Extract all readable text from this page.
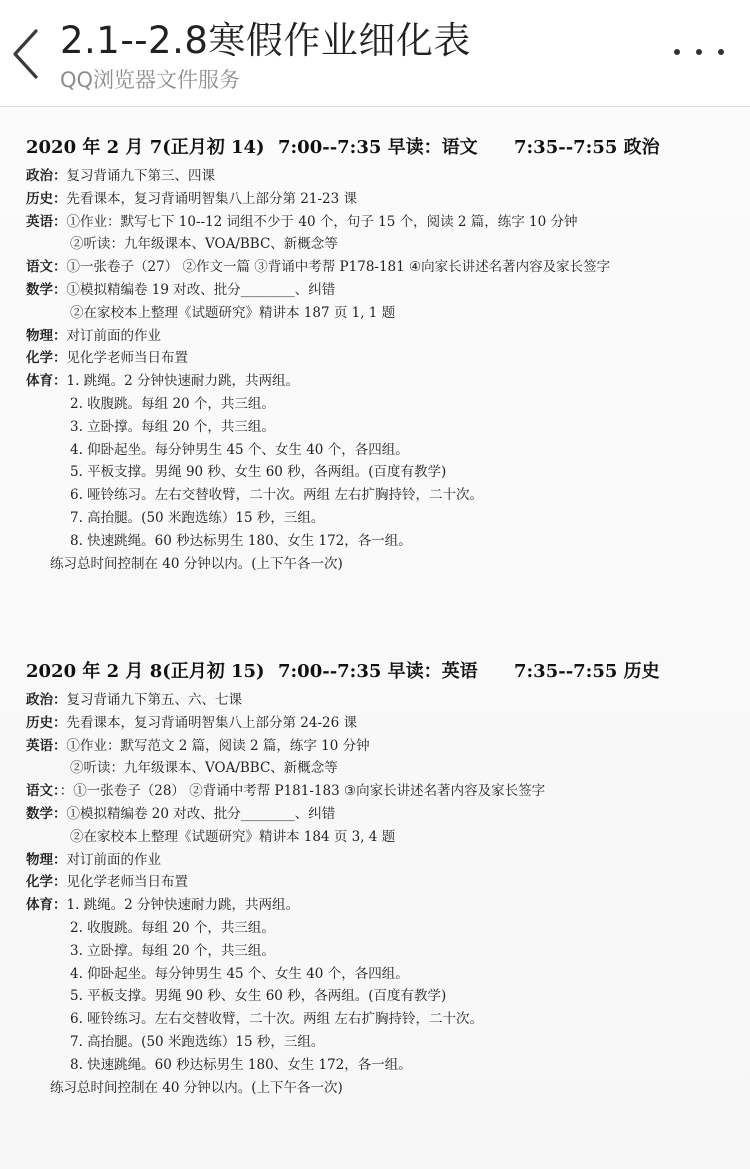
2.1--2.8寒假作业细化表
QQ浏览器文件服务
2020 年 2 月 7(正月初 14) 7:00--7:35 早读：语文 7:35--7:55 政治
政治：复习背诵九下第三、四课
历史：先看课本，复习背诵明智集八上部分第 21-23 课
英语：①作业：默写七下 10--12 词组不少于 40 个，句子 15 个，阅读 2 篇，练字 10 分钟
②听读：九年级课本、VOA/BBC、新概念等
语文：①一张卷子（27） ②作文一篇 ③背诵中考帮 P178-181 ④向家长讲述名著内容及家长签字
数学：①模拟精编卷 19 对改、批分________、纠错
②在家校本上整理《试题研究》精讲本 187 页 1, 1 题
物理：对订前面的作业
化学：见化学老师当日布置
体育：1. 跳绳。2 分钟快速耐力跳，共两组。
2. 收腹跳。每组 20 个，共三组。
3. 立卧撑。每组 20 个，共三组。
4. 仰卧起坐。每分钟男生 45 个、女生 40 个，各四组。
5. 平板支撑。男绳 90 秒、女生 60 秒，各两组。(百度有教学)
6. 哑铃练习。左右交替收臂，二十次。两组 左右扩胸持铃，二十次。
7. 高抬腿。(50 米跑选练）15 秒，三组。
8. 快速跳绳。60 秒达标男生 180、女生 172，各一组。
练习总时间控制在 40 分钟以内。(上下午各一次)
2020 年 2 月 8(正月初 15) 7:00--7:35 早读：英语 7:35--7:55 历史
政治：复习背诵九下第五、六、七课
历史：先看课本，复习背诵明智集八上部分第 24-26 课
英语：①作业：默写范文 2 篇，阅读 2 篇，练字 10 分钟
②听读：九年级课本、VOA/BBC、新概念等
语文：：①一张卷子（28） ②背诵中考帮 P181-183 ③向家长讲述名著内容及家长签字
数学：①模拟精编卷 20 对改、批分________、纠错
②在家校本上整理《试题研究》精讲本 184 页 3, 4 题
物理：对订前面的作业
化学：见化学老师当日布置
体育：1. 跳绳。2 分钟快速耐力跳，共两组。
2. 收腹跳。每组 20 个，共三组。
3. 立卧撑。每组 20 个，共三组。
4. 仰卧起坐。每分钟男生 45 个、女生 40 个，各四组。
5. 平板支撑。男绳 90 秒、女生 60 秒，各两组。(百度有教学)
6. 哑铃练习。左右交替收臂，二十次。两组 左右扩胸持铃，二十次。
7. 高抬腿。(50 米跑选练）15 秒，三组。
8. 快速跳绳。60 秒达标男生 180、女生 172，各一组。
练习总时间控制在 40 分钟以内。(上下午各一次)
